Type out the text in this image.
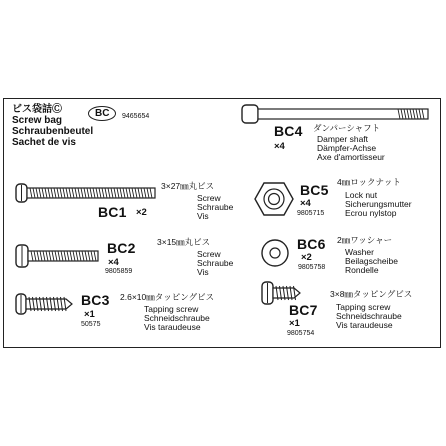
ビス袋詰Ⓒ
Screw bag
Schraubenbeutel
Sachet de vis
BC	9465654
BC4
×4
ダンパーシャフト
Damper shaft
Dämpfer-Achse
Axe d'amortisseur
BC1 ×2
3×27㎜丸ビス
Screw
Schraube
Vis
BC5
×4
9805715
4㎜ロックナット
Lock nut
Sicherungsmutter
Ecrou nylstop
BC2
×4
9805859
3×15㎜丸ビス
Screw
Schraube
Vis
BC6
×2
9805758
2㎜ワッシャー
Washer
Beilagscheibe
Rondelle
BC3
×1
50575
2.6×10㎜タッピングビス
Tapping screw
Schneidschraube
Vis taraudeuse
BC7
×1
9805754
3×8㎜タッピングビス
Tapping screw
Schneidschraube
Vis taraudeuse
